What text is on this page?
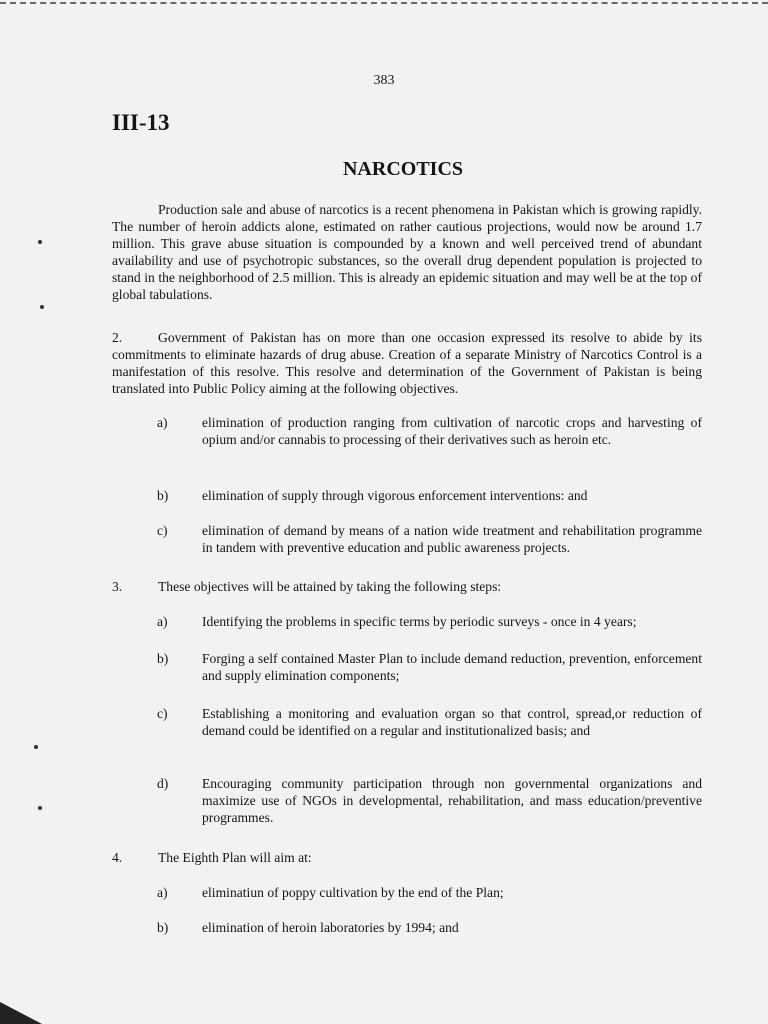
383
III-13
NARCOTICS

Production sale and abuse of narcotics is a recent phenomena in Pakistan which is growing rapidly. The number of heroin addicts alone, estimated on rather cautious projections, would now be around 1.7 million. This grave abuse situation is compounded by a known and well perceived trend of abundant availability and use of psychotropic substances, so the overall drug dependent population is projected to stand in the neighborhood of 2.5 million. This is already an epidemic situation and may well be at the top of global tabulations.

2.	Government of Pakistan has on more than one occasion expressed its resolve to abide by its commitments to eliminate hazards of drug abuse. Creation of a separate Ministry of Narcotics Control is a manifestation of this resolve. This resolve and determination of the Government of Pakistan is being translated into Public Policy aiming at the following objectives.

a)	elimination of production ranging from cultivation of narcotic crops and harvesting of opium and/or cannabis to processing of their derivatives such as heroin etc.

b) elimination of supply through vigorous enforcement interventions: and

c)	elimination of demand by means of a nation wide treatment and rehabilitation programme in tandem with preventive education and public awareness projects.

3.	These objectives will be attained by taking the following steps:
a)	Identifying the problems in specific terms by periodic surveys - once in 4 years;

b) Forging a self contained Master Plan to include demand reduction, prevention, enforcement and supply elimination components;

c)	Establishing a monitoring and evaluation organ so that control, spread,or reduction of demand could be identified on a regular and institutionalized basis; and

d) Encouraging community participation through non governmental organizations and maximize use of NGOs in developmental, rehabilitation, and mass education/preventive programmes.

4.	The Eighth Plan will aim at:
a)	eliminatiun of poppy cultivation by the end of the Plan;

b) elimination of heroin laboratories by 1994; and
